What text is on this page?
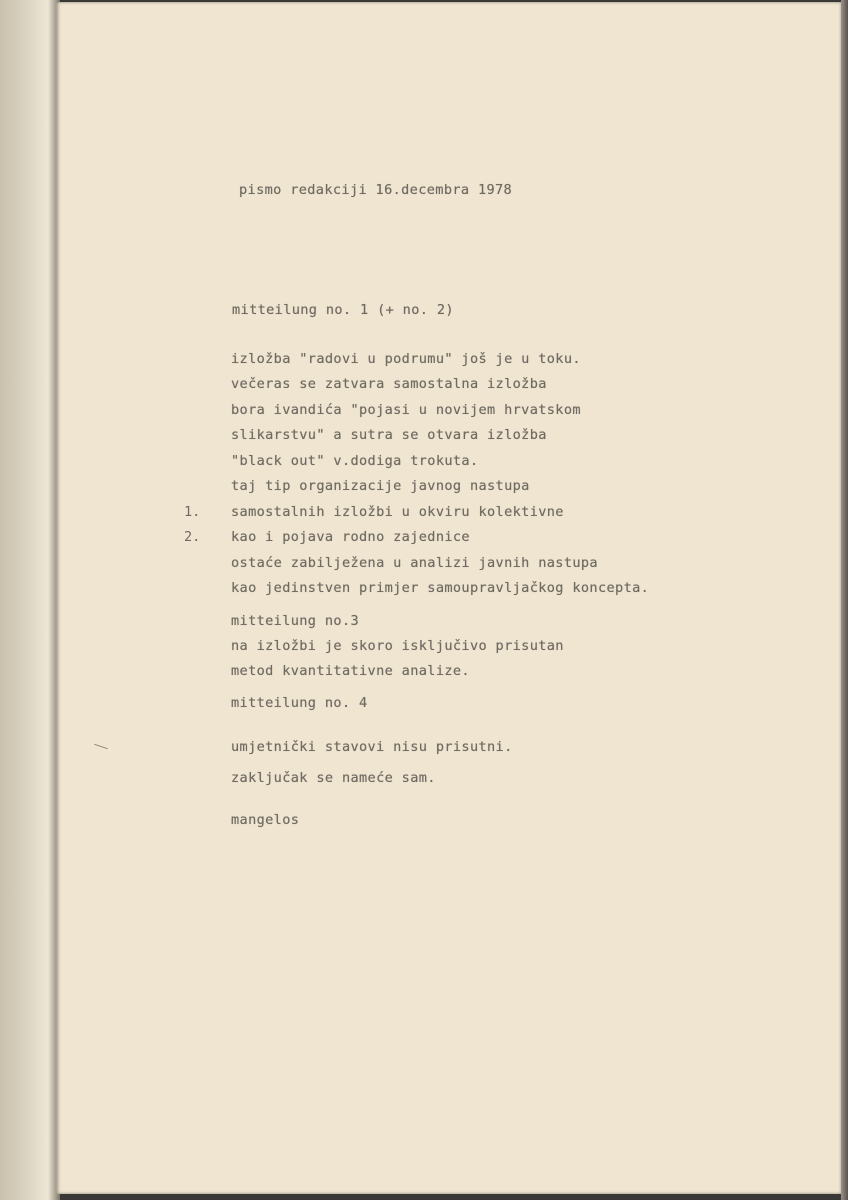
pismo redakciji 16.decembra 1978
mitteilung no. 1 (+ no. 2)
izložba "radovi u podrumu" još je u toku.
večeras se zatvara samostalna izložba
bora ivandića "pojasi u novijem hrvatskom
slikarstvu" a sutra se otvara izložba
"black out" v.dodiga trokuta.
taj tip organizacije javnog nastupa
1. samostalnih izložbi u okviru kolektivne
2. kao i pojava rodno zajednice
ostaće zabilježena u analizi javnih nastupa
kao jedinstven primjer samoupravljačkog koncepta.
mitteilung no.3
na izložbi je skoro isključivo prisutan
metod kvantitativne analize.
mitteilung no. 4
umjetnički stavovi nisu prisutni.
zaključak se nameće sam.
mangelos
